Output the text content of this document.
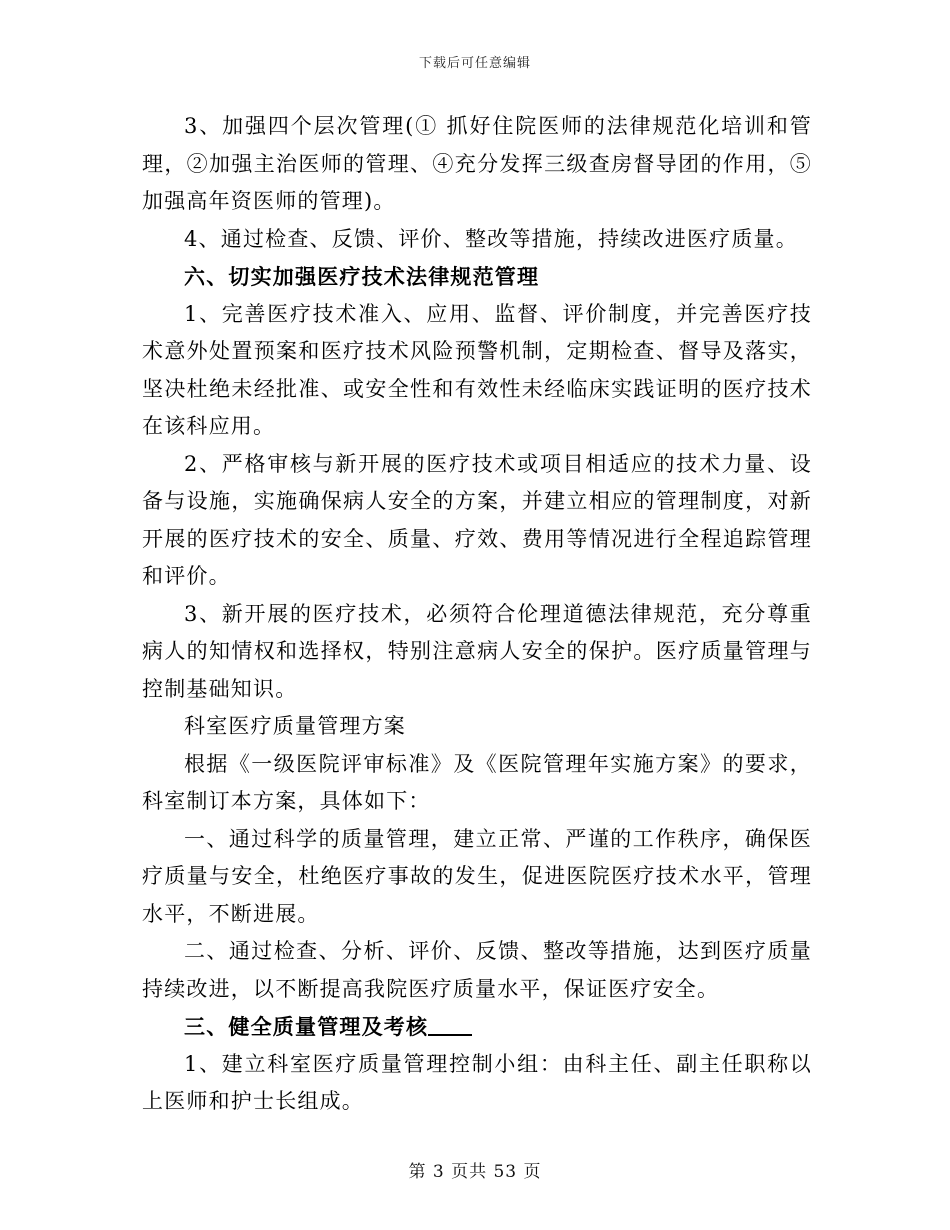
下载后可任意编辑

3、加强四个层次管理(① 抓好住院医师的法律规范化培训和管理，②加强主治医师的管理、④充分发挥三级查房督导团的作用，⑤加强高年资医师的管理)。

4、通过检查、反馈、评价、整改等措施，持续改进医疗质量。

六、切实加强医疗技术法律规范管理

1、完善医疗技术准入、应用、监督、评价制度，并完善医疗技术意外处置预案和医疗技术风险预警机制，定期检查、督导及落实，坚决杜绝未经批准、或安全性和有效性未经临床实践证明的医疗技术在该科应用。

2、严格审核与新开展的医疗技术或项目相适应的技术力量、设备与设施，实施确保病人安全的方案，并建立相应的管理制度，对新开展的医疗技术的安全、质量、疗效、费用等情况进行全程追踪管理和评价。

3、新开展的医疗技术，必须符合伦理道德法律规范，充分尊重病人的知情权和选择权，特别注意病人安全的保护。医疗质量管理与控制基础知识。

科室医疗质量管理方案

根据《一级医院评审标准》及《医院管理年实施方案》的要求，科室制订本方案，具体如下：

一、通过科学的质量管理，建立正常、严谨的工作秩序，确保医疗质量与安全，杜绝医疗事故的发生，促进医院医疗技术水平，管理水平，不断进展。

二、通过检查、分析、评价、反馈、整改等措施，达到医疗质量持续改进，以不断提高我院医疗质量水平，保证医疗安全。

三、健全质量管理及考核

1、建立科室医疗质量管理控制小组：由科主任、副主任职称以上医师和护士长组成。

第 3 页共 53 页
